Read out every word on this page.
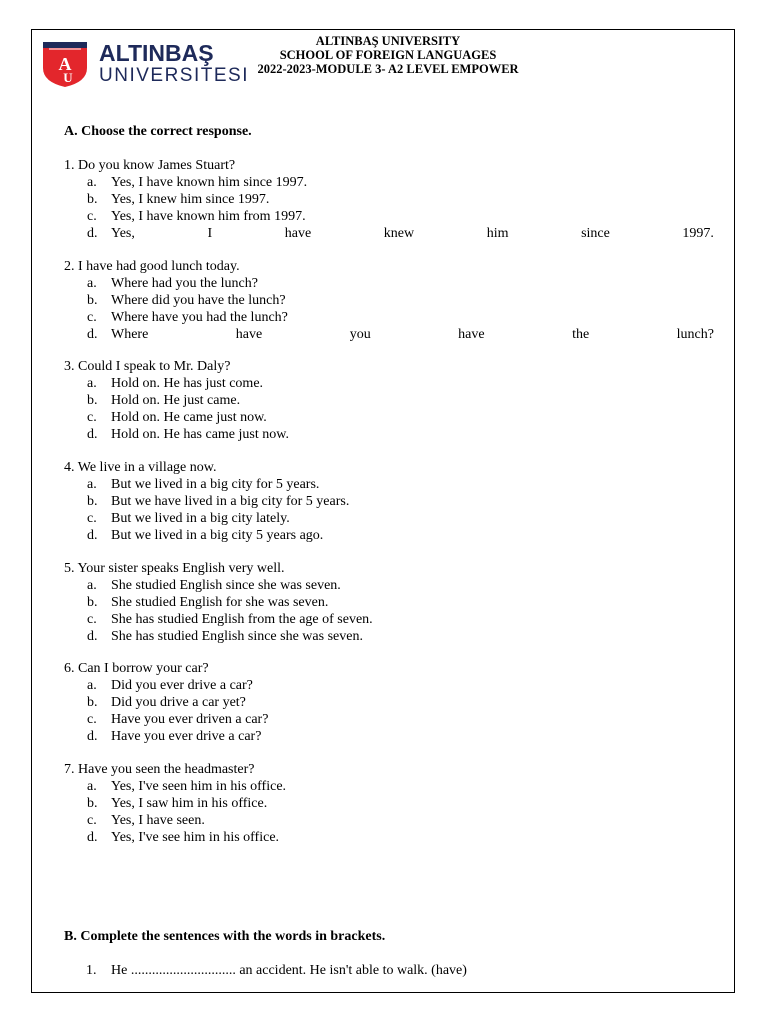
A
U
ALTINBAŞ
UNIVERSITESI
ALTINBAŞ UNIVERSITY
SCHOOL OF FOREIGN LANGUAGES
2022-2023-MODULE 3- A2 LEVEL EMPOWER
A. Choose the correct response.
1. Do you know James Stuart?
a.	Yes, I have known him since 1997.
b. Yes, I knew him since 1997.
c.	Yes, I have known him from 1997.
d. Yes,	I	have	knew	him	since	1997.
2. I have had good lunch today.
a.	Where had you the lunch?
b. Where did you have the lunch?
c.	Where have you had the lunch?
d. Where	have	you	have	the	lunch?
3. Could I speak to Mr. Daly?
a.	Hold on. He has just come.
b. Hold on. He just came.
c.	Hold on. He came just now.
d. Hold on. He has came just now.
4. We live in a village now.
a.	But we lived in a big city for 5 years.
b. But we have lived in a big city for 5 years.
c.	But we lived in a big city lately.
d. But we lived in a big city 5 years ago.
5. Your sister speaks English very well.
a.	She studied English since she was seven.
b. She studied English for she was seven.
c.	She has studied English from the age of seven.
d. She has studied English since she was seven.
6. Can I borrow your car?
a.	Did you ever drive a car?
b. Did you drive a car yet?
c.	Have you ever driven a car?
d. Have you ever drive a car?
7. Have you seen the headmaster?
a.	Yes, I've seen him in his office.
b. Yes, I saw him in his office.
c.	Yes, I have seen.
d. Yes, I've see him in his office.
B. Complete the sentences with the words in brackets.
1. He .............................. an accident. He isn't able to walk. (have)
